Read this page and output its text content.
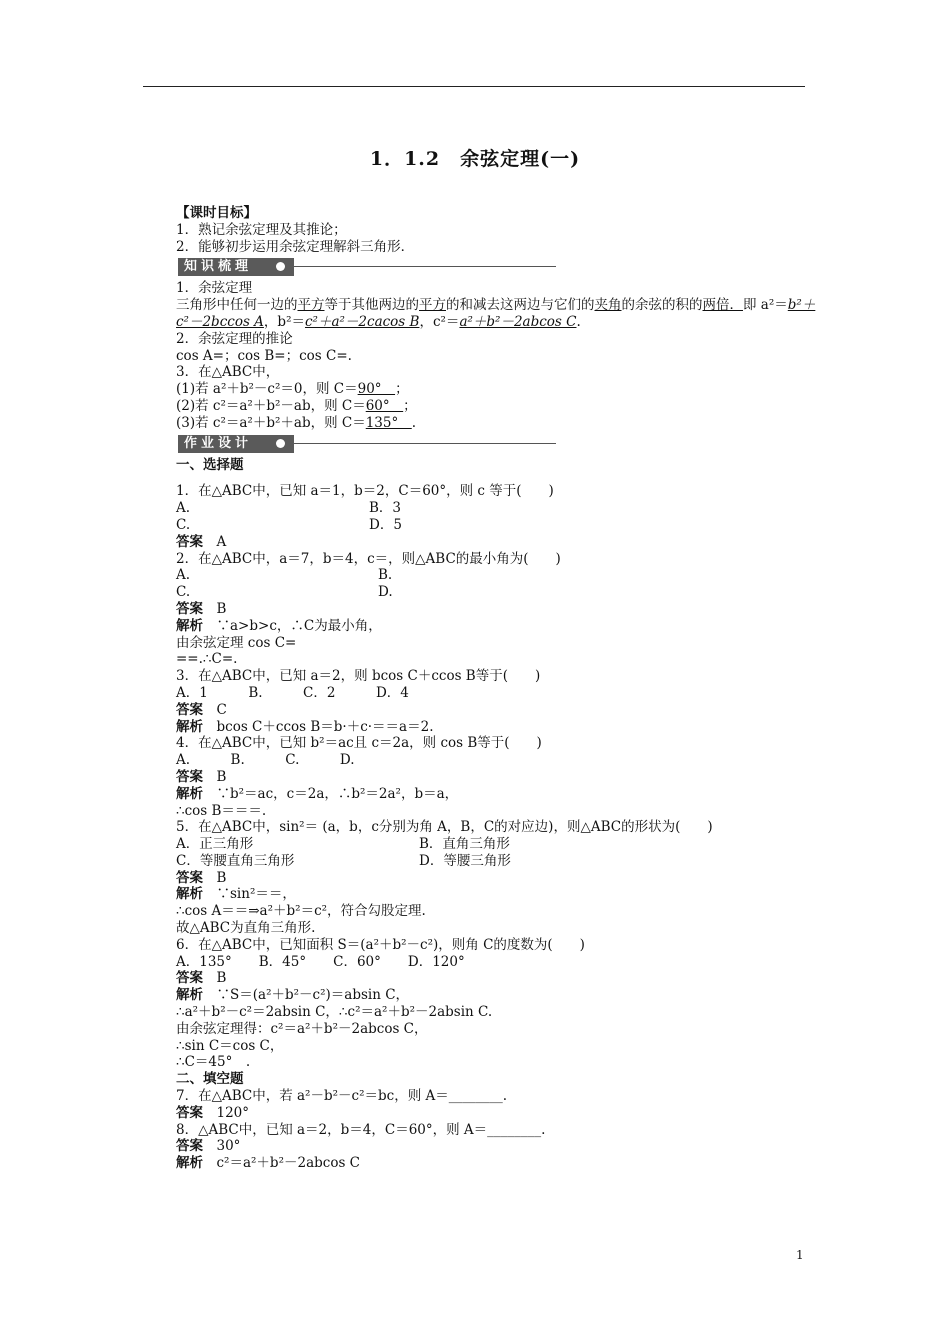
1．1.2　余弦定理(一)
【课时目标】
1．熟记余弦定理及其推论；
2．能够初步运用余弦定理解斜三角形．
知识梳理
1．余弦定理
三角形中任何一边的平方等于其他两边的平方的和减去这两边与它们的夹角的余弦的积的两倍．即 a²＝b²＋c²－2bccos A，b²＝c²＋a²－2cacos B，c²＝a²＋b²－2abcos C.
2．余弦定理的推论
cos A=；cos B=；cos C=.
3．在△ABC中，
(1)若 a²＋b²－c²＝0，则 C＝90°　；
(2)若 c²＝a²＋b²－ab，则 C＝60°　；
(3)若 c²＝a²＋b²＋ab，则 C＝135°　.
作业设计
一、选择题
1．在△ABC中，已知 a＝1，b＝2，C＝60°，则 c 等于(　　)
A.	B．3
C.	D．5
答案　 A
2．在△ABC中，a＝7，b＝4，c＝，则△ABC的最小角为(　　)
A.	B.
C.	D.
答案　 B
解析　 ∵a>b>c，∴C为最小角，
由余弦定理 cos C=
==.∴C=.
3．在△ABC中，已知 a＝2，则 bcos C＋ccos B等于(　　)
A．1　　　B.　　　C．2　　　D．4
答案　 C
解析　 bcos C＋ccos B＝b·＋c·＝＝a＝2.
4．在△ABC中，已知 b²＝ac且 c＝2a，则 cos B等于(　　)
A.　　　B.　　　C.　　　D.
答案　 B
解析　 ∵b²＝ac，c＝2a，∴b²＝2a²，b＝a，
∴cos B＝＝＝.
5．在△ABC中，sin²＝ (a，b，c分别为角 A，B，C的对应边)，则△ABC的形状为(　　)
A．正三角形	B．直角三角形
C．等腰直角三角形	D．等腰三角形
答案　 B
解析　 ∵sin²＝＝，
∴cos A＝＝⇒a²＋b²＝c²，符合勾股定理.
故△ABC为直角三角形.
6．在△ABC中，已知面积 S＝(a²＋b²－c²)，则角 C的度数为(　　)
A．135°　　B．45°　　C．60°　　D．120°
答案　 B
解析　 ∵S＝(a²＋b²－c²)＝absin C，
∴a²＋b²－c²＝2absin C，∴c²＝a²＋b²－2absin C.
由余弦定理得：c²＝a²＋b²－2abcos C，
∴sin C＝cos C，
∴C＝45°　.
二、填空题
7．在△ABC中，若 a²－b²－c²＝bc，则 A＝________.
答案　 120°
8．△ABC中，已知 a＝2，b＝4，C＝60°，则 A＝________.
答案　 30°
解析　 c²＝a²＋b²－2abcos C
1
